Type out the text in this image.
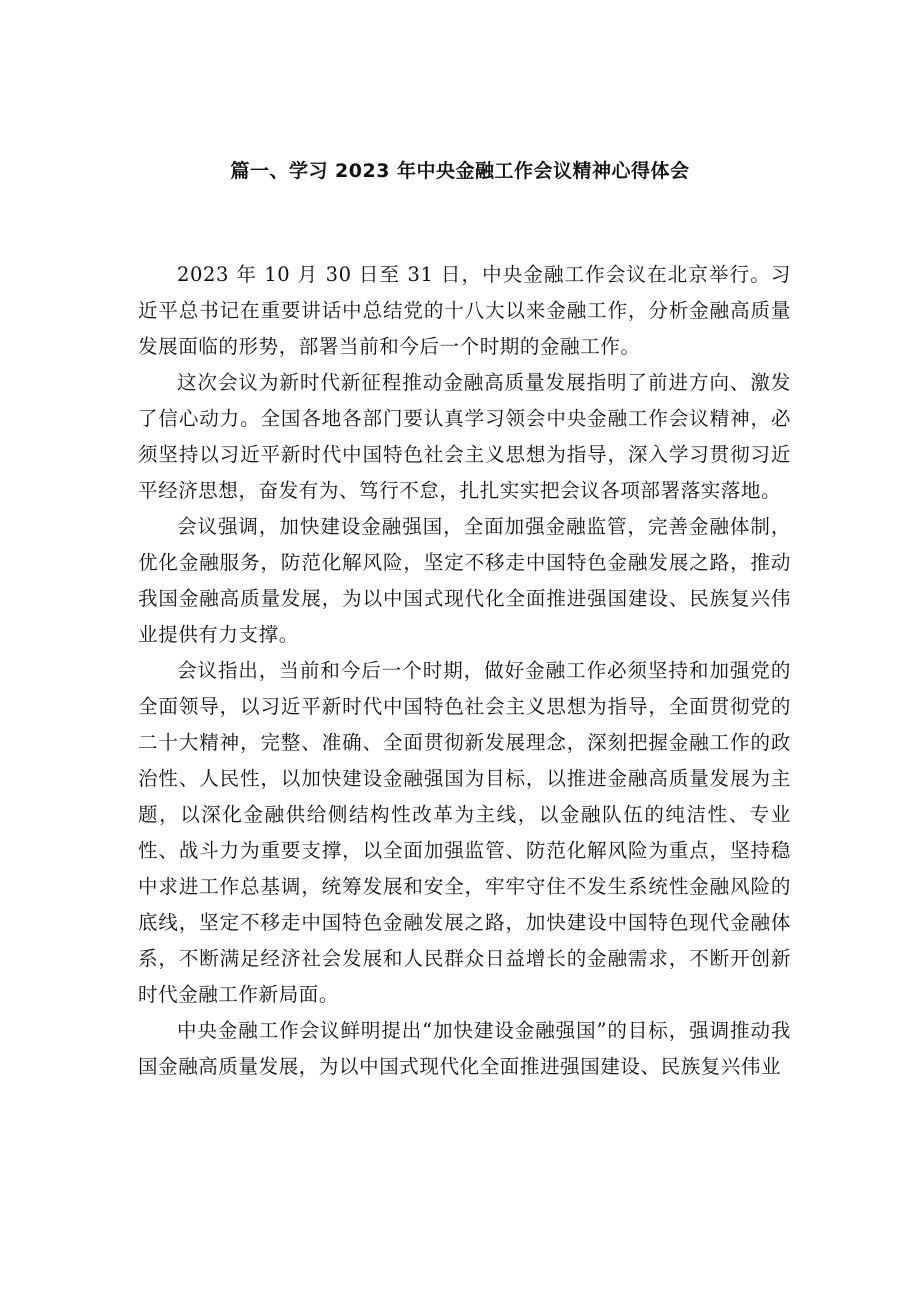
篇一、学习 2023 年中央金融工作会议精神心得体会

2023 年 10 月 30 日至 31 日，中央金融工作会议在北京举行。习近平总书记在重要讲话中总结党的十八大以来金融工作，分析金融高质量发展面临的形势，部署当前和今后一个时期的金融工作。

这次会议为新时代新征程推动金融高质量发展指明了前进方向、激发了信心动力。全国各地各部门要认真学习领会中央金融工作会议精神，必须坚持以习近平新时代中国特色社会主义思想为指导，深入学习贯彻习近平经济思想，奋发有为、笃行不怠，扎扎实实把会议各项部署落实落地。

会议强调，加快建设金融强国，全面加强金融监管，完善金融体制，优化金融服务，防范化解风险，坚定不移走中国特色金融发展之路，推动我国金融高质量发展，为以中国式现代化全面推进强国建设、民族复兴伟业提供有力支撑。

会议指出，当前和今后一个时期，做好金融工作必须坚持和加强党的全面领导，以习近平新时代中国特色社会主义思想为指导，全面贯彻党的二十大精神，完整、准确、全面贯彻新发展理念，深刻把握金融工作的政治性、人民性，以加快建设金融强国为目标，以推进金融高质量发展为主题，以深化金融供给侧结构性改革为主线，以金融队伍的纯洁性、专业性、战斗力为重要支撑，以全面加强监管、防范化解风险为重点，坚持稳中求进工作总基调，统筹发展和安全，牢牢守住不发生系统性金融风险的底线，坚定不移走中国特色金融发展之路，加快建设中国特色现代金融体系，不断满足经济社会发展和人民群众日益增长的金融需求，不断开创新时代金融工作新局面。

中央金融工作会议鲜明提出“加快建设金融强国”的目标，强调推动我国金融高质量发展，为以中国式现代化全面推进强国建设、民族复兴伟业
